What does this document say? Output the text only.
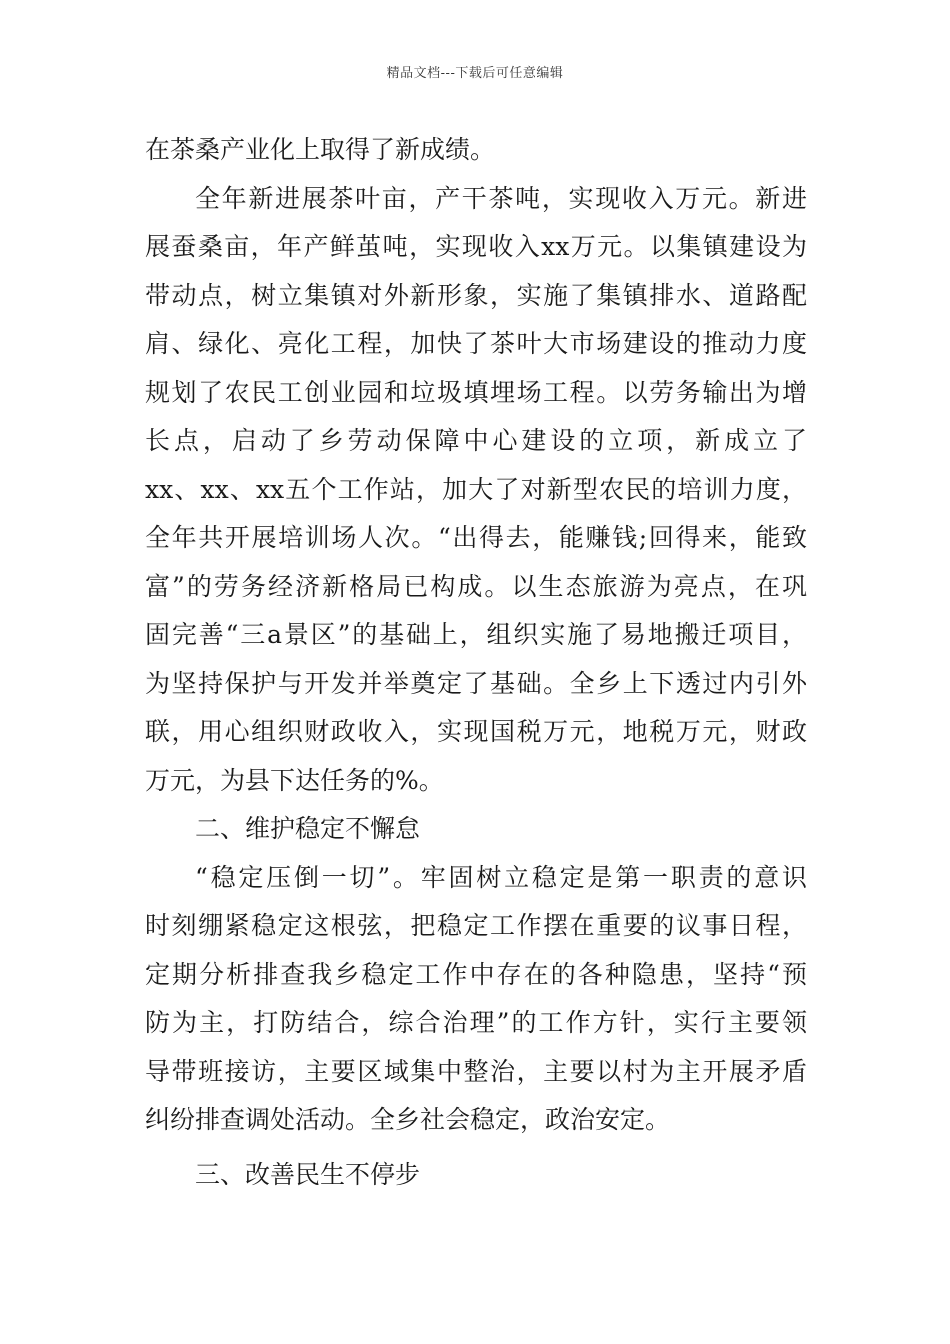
精品文档---下载后可任意编辑
在茶桑产业化上取得了新成绩。
全年新进展茶叶亩，产干茶吨，实现收入万元。新进
展蚕桑亩，年产鲜茧吨，实现收入xx万元。以集镇建设为
带动点，树立集镇对外新形象，实施了集镇排水、道路配
肩、绿化、亮化工程，加快了茶叶大市场建设的推动力度
规划了农民工创业园和垃圾填埋场工程。以劳务输出为增
长点，启动了乡劳动保障中心建设的立项，新成立了
xx、xx、xx五个工作站，加大了对新型农民的培训力度，
全年共开展培训场人次。“出得去，能赚钱;回得来，能致
富”的劳务经济新格局已构成。以生态旅游为亮点，在巩
固完善“三a景区”的基础上，组织实施了易地搬迁项目，
为坚持保护与开发并举奠定了基础。全乡上下透过内引外
联，用心组织财政收入，实现国税万元，地税万元，财政
万元，为县下达任务的%。
二、维护稳定不懈怠
“稳定压倒一切”。牢固树立稳定是第一职责的意识
时刻绷紧稳定这根弦，把稳定工作摆在重要的议事日程，
定期分析排查我乡稳定工作中存在的各种隐患，坚持“预
防为主，打防结合，综合治理”的工作方针，实行主要领
导带班接访，主要区域集中整治，主要以村为主开展矛盾
纠纷排查调处活动。全乡社会稳定，政治安定。
三、改善民生不停步
